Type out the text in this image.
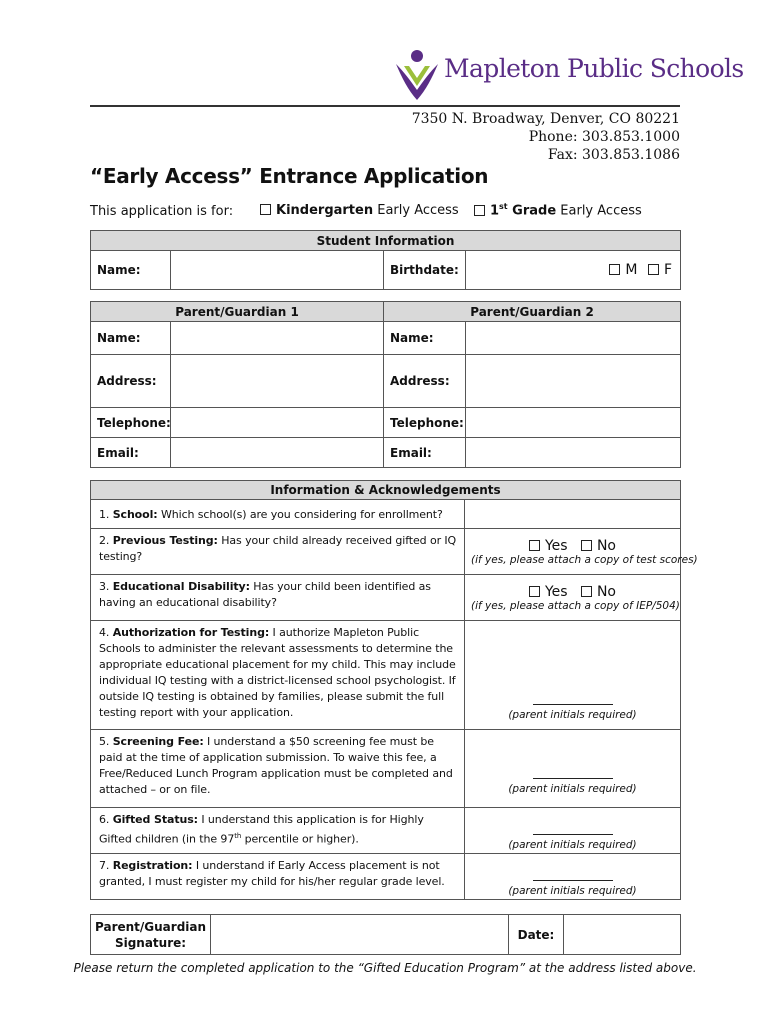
Mapleton Public Schools
7350 N. Broadway, Denver, CO 80221
Phone: 303.853.1000
Fax: 303.853.1086
“Early Access” Entrance Application
This application is for:	Kindergarten Early Access	1st Grade Early Access
Student Information
Name:		Birthdate:	M F
Parent/Guardian 1		Parent/Guardian 2	
Name:		Name:	
Address:		Address:	
Telephone:		Telephone:	
Email:		Email:	
Information & Acknowledgements	
1. School: Which school(s) are you considering for enrollment?	
2. Previous Testing: Has your child already received gifted or IQ testing?	Yes No
(if yes, please attach a copy of test scores)

3. Educational Disability: Has your child been identified as having an educational disability?	Yes No
(if yes, please attach a copy of IEP/504)

4. Authorization for Testing: I authorize Mapleton Public Schools to administer the relevant assessments to determine the appropriate educational placement for my child. This may include individual IQ testing with a district-licensed school psychologist. If outside IQ testing is obtained by families, please submit the full testing report with your application.	(parent initials required)

5. Screening Fee: I understand a $50 screening fee must be paid at the time of application submission. To waive this fee, a Free/Reduced Lunch Program application must be completed and attached – or on file.	(parent initials required)

6. Gifted Status: I understand this application is for Highly Gifted children (in the 97th percentile or higher).	(parent initials required)

7. Registration: I understand if Early Access placement is not granted, I must register my child for his/her regular grade level.	(parent initials required)
Parent/Guardian Signature:		Date:	
Please return the completed application to the “Gifted Education Program” at the address listed above.
